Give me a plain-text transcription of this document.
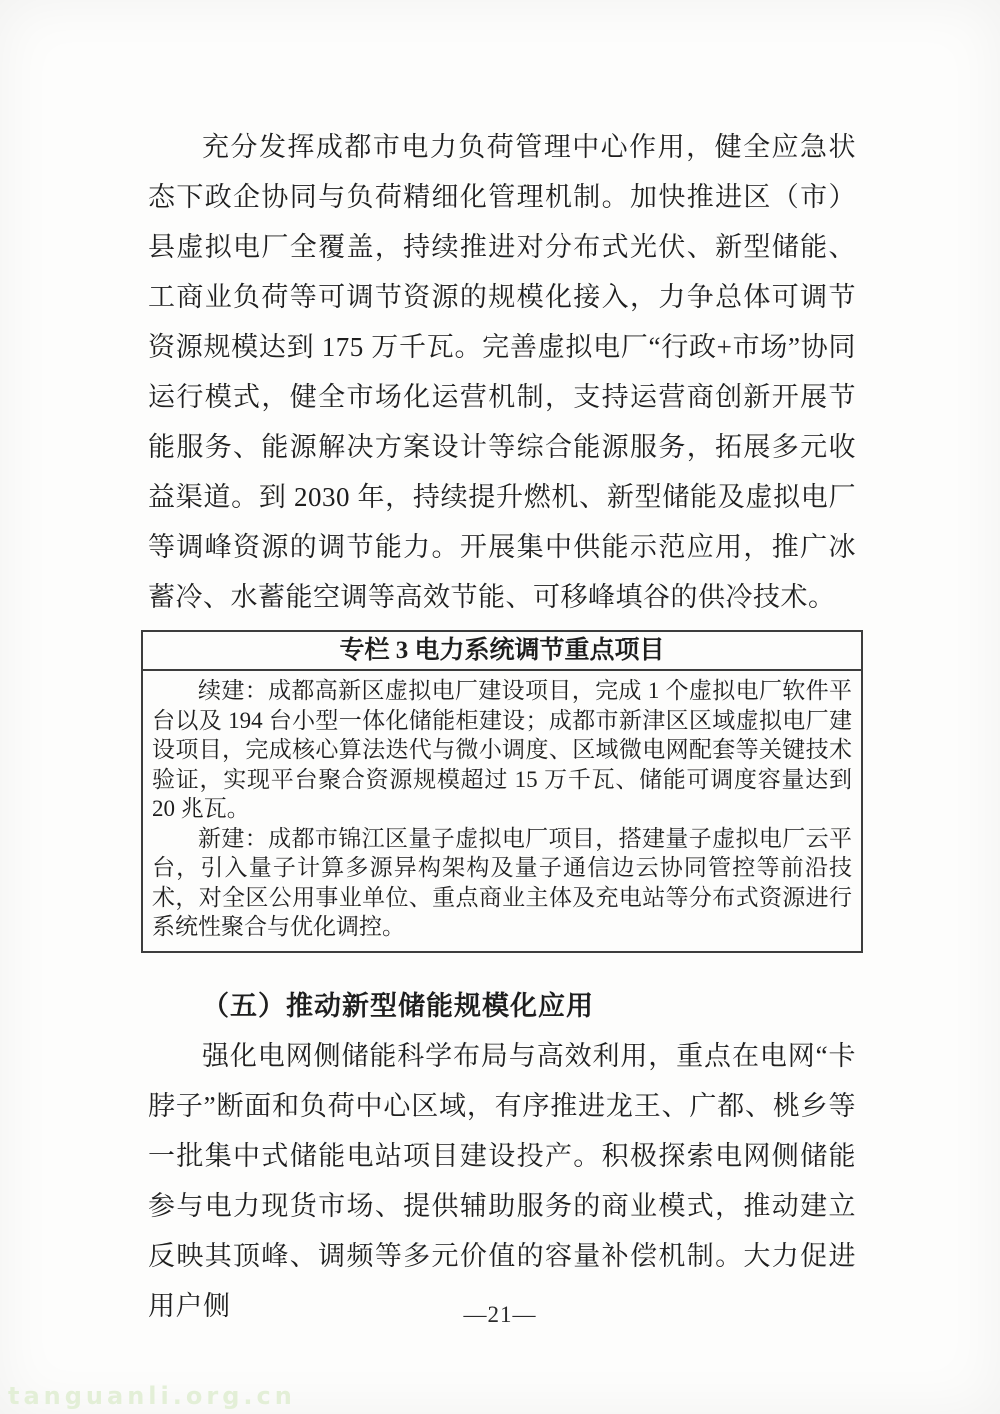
充分发挥成都市电力负荷管理中心作用，健全应急状态下政企协同与负荷精细化管理机制。加快推进区（市）县虚拟电厂全覆盖，持续推进对分布式光伏、新型储能、工商业负荷等可调节资源的规模化接入，力争总体可调节资源规模达到 175 万千瓦。完善虚拟电厂“行政+市场”协同运行模式，健全市场化运营机制，支持运营商创新开展节能服务、能源解决方案设计等综合能源服务，拓展多元收益渠道。到 2030 年，持续提升燃机、新型储能及虚拟电厂等调峰资源的调节能力。开展集中供能示范应用，推广冰蓄冷、水蓄能空调等高效节能、可移峰填谷的供冷技术。

专栏 3 电力系统调节重点项目

续建：成都高新区虚拟电厂建设项目，完成 1 个虚拟电厂软件平台以及 194 台小型一体化储能柜建设；成都市新津区区域虚拟电厂建设项目，完成核心算法迭代与微小调度、区域微电网配套等关键技术验证，实现平台聚合资源规模超过 15 万千瓦、储能可调度容量达到 20 兆瓦。

新建：成都市锦江区量子虚拟电厂项目，搭建量子虚拟电厂云平台，引入量子计算多源异构架构及量子通信边云协同管控等前沿技术，对全区公用事业单位、重点商业主体及充电站等分布式资源进行系统性聚合与优化调控。

（五）推动新型储能规模化应用

强化电网侧储能科学布局与高效利用，重点在电网“卡脖子”断面和负荷中心区域，有序推进龙王、广都、桃乡等一批集中式储能电站项目建设投产。积极探索电网侧储能参与电力现货市场、提供辅助服务的商业模式，推动建立反映其顶峰、调频等多元价值的容量补偿机制。大力促进用户侧	—21—
tanguanli.org.cn
